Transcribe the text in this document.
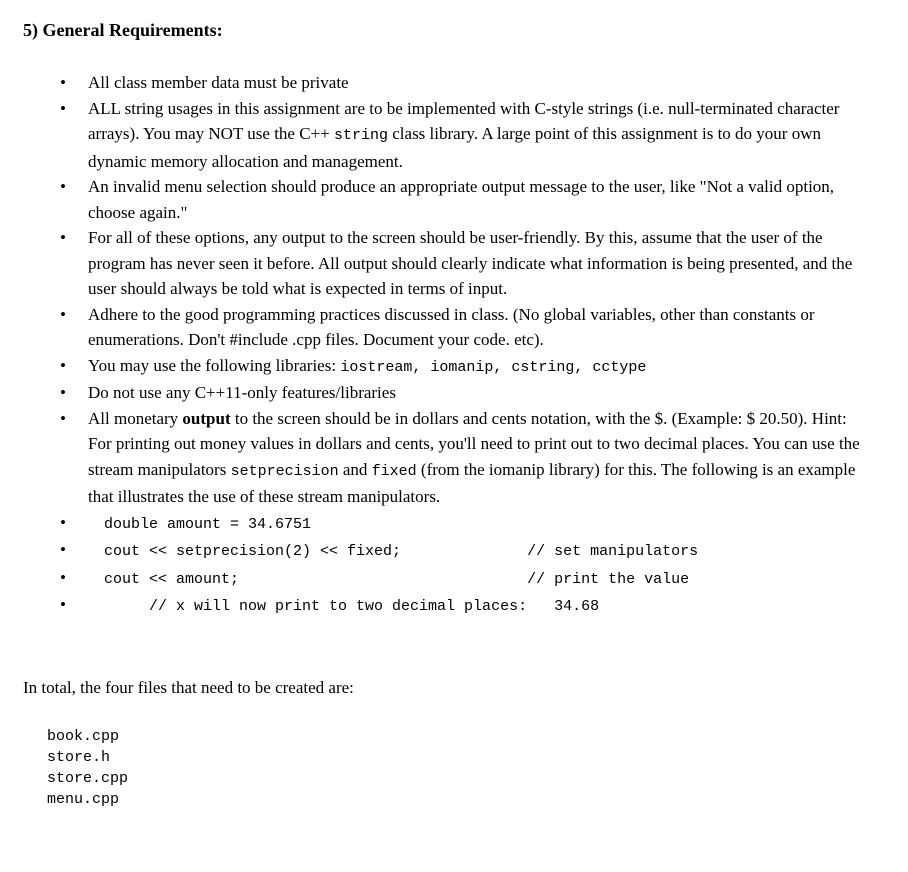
5) General Requirements:
• All class member data must be private
• ALL string usages in this assignment are to be implemented with C-style strings (i.e. null-terminated character arrays). You may NOT use the C++ string class library. A large point of this assignment is to do your own dynamic memory allocation and management.
• An invalid menu selection should produce an appropriate output message to the user, like "Not a valid option, choose again."
• For all of these options, any output to the screen should be user-friendly. By this, assume that the user of the program has never seen it before. All output should clearly indicate what information is being presented, and the user should always be told what is expected in terms of input.
• Adhere to the good programming practices discussed in class. (No global variables, other than constants or enumerations. Don't #include .cpp files. Document your code. etc).
• You may use the following libraries: iostream, iomanip, cstring, cctype
• Do not use any C++11-only features/libraries
• All monetary output to the screen should be in dollars and cents notation, with the $. (Example: $ 20.50). Hint: For printing out money values in dollars and cents, you'll need to print out to two decimal places. You can use the stream manipulators setprecision and fixed (from the iomanip library) for this. The following is an example that illustrates the use of these stream manipulators.
• double amount = 34.6751
• cout << setprecision(2) << fixed;              // set manipulators
• cout << amount;                                // print the value
•      // x will now print to two decimal places:   34.68

In total, the four files that need to be created are:

book.cpp
store.h
store.cpp
menu.cpp
